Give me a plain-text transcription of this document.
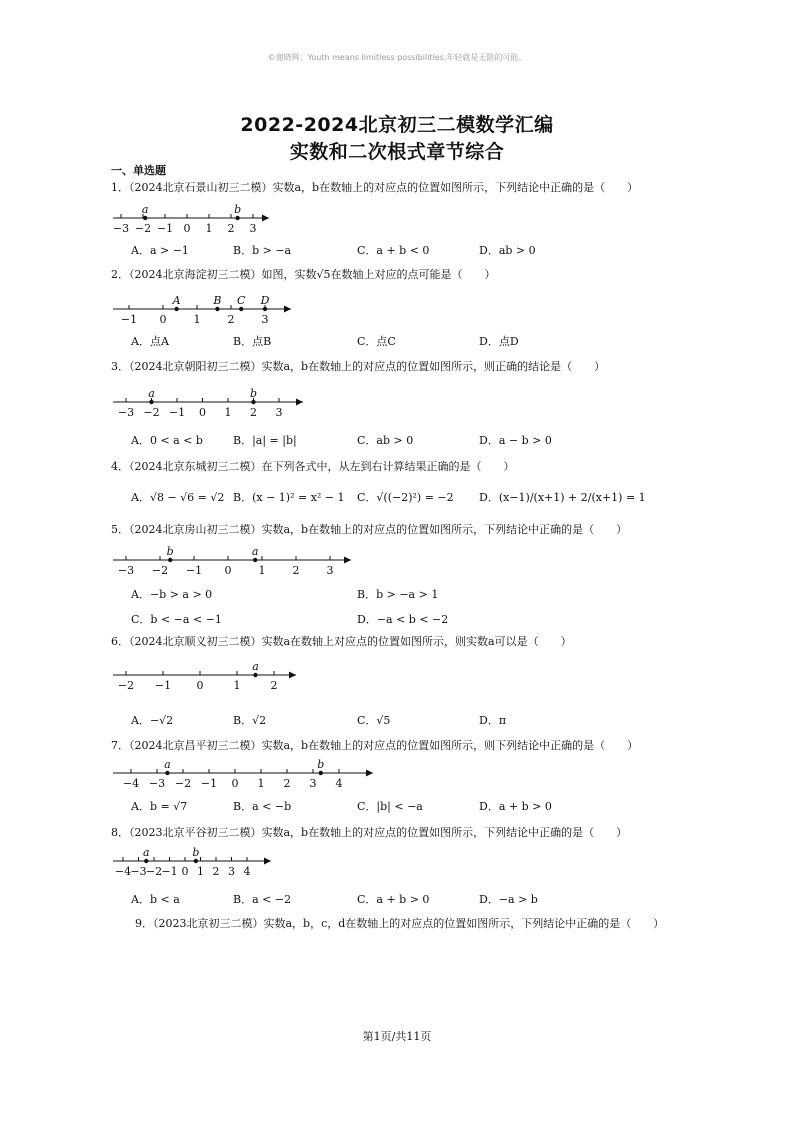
©谢晓辉：Youth means limitless possibilities.年轻就是无限的可能。
2022-2024北京初三二模数学汇编
实数和二次根式章节综合
一、单选题
1．（2024北京石景山初三二模）实数a，b在数轴上的对应点的位置如图所示，下列结论中正确的是（　　）
−3 −2 −1 0 1 2 3
a	b
A．a > −1	B．b > −a	C．a + b < 0	D．ab > 0
2．（2024北京海淀初三二模）如图，实数√5在数轴上对应的点可能是（　　）
−1 0 1 2 3
A	B C D
A．点A	B．点B	C．点C	D．点D
3．（2024北京朝阳初三二模）实数a，b在数轴上的对应点的位置如图所示，则正确的结论是（　　）
−3 −2 −1 0 1 2 3
a	b
A．0 < a < b	B．|a| = |b|	C．ab > 0	D．a − b > 0
4．（2024北京东城初三二模）在下列各式中，从左到右计算结果正确的是（　　）
A．√8 − √6 = √2 B．(x − 1)² = x² − 1 C．√((−2)²) = −2 D．(x−1)/(x+1) + 2/(x+1) = 1
5．（2024北京房山初三二模）实数a，b在数轴上的对应点的位置如图所示，下列结论中正确的是（　　）
−3 −2 −1 0 1 2 3
b	a
A．−b > a > 0	B．b > −a > 1
C．b < −a < −1	D．−a < b < −2
6．（2024北京顺义初三二模）实数a在数轴上对应点的位置如图所示，则实数a可以是（　　）
−2 −1 0	1	2
a
A．−√2	B．√2	C．√5	D．π
7．（2024北京昌平初三二模）实数a，b在数轴上的对应点的位置如图所示，则下列结论中正确的是（　　）
−4 −3 −2 −1 0 1 2 3 4
a	b
A．b = √7	B．a < −b	C．|b| < −a	D．a + b > 0
8．（2023北京平谷初三二模）实数a，b在数轴上的对应点的位置如图所示，下列结论中正确的是（　　）
−4 −3 −2 −1 0 1 2 3 4
a	b
A．b < a	B．a < −2	C．a + b > 0	D．−a > b
9．（2023北京初三二模）实数a，b，c，d在数轴上的对应点的位置如图所示，下列结论中正确的是（　　）
第1页/共11页
